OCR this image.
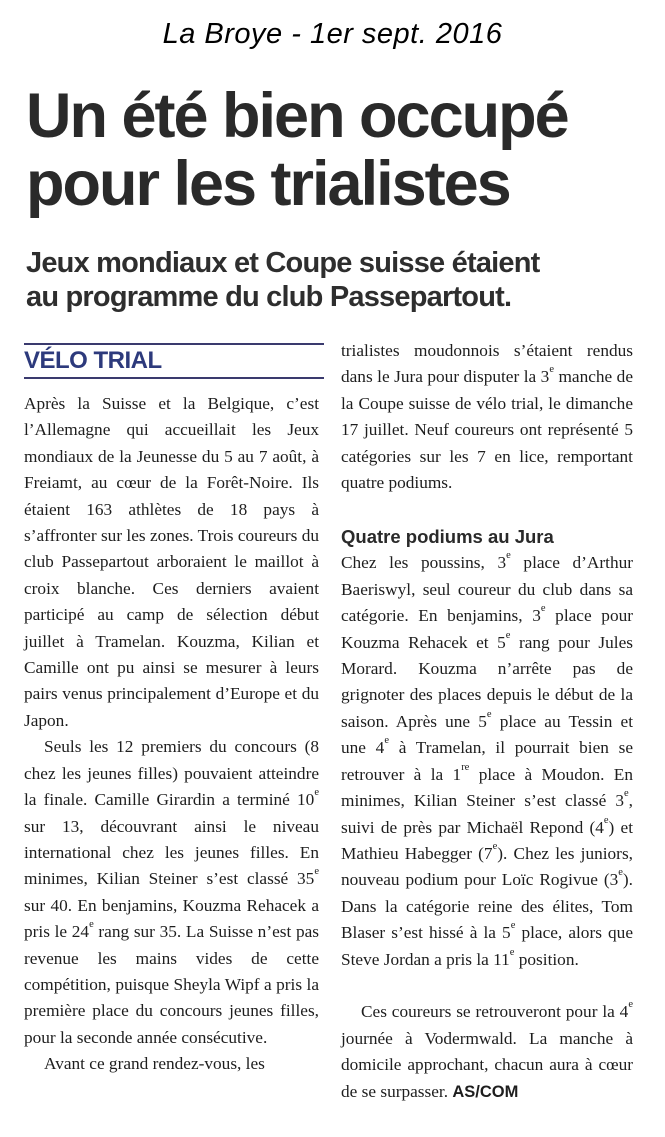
La Broye - 1er sept. 2016
Un été bien occupé
pour les trialistes
Jeux mondiaux et Coupe suisse étaient
au programme du club Passepartout.
VÉLO TRIAL

Après la Suisse et la Belgique, c’est l’Allemagne qui accueillait les Jeux mondiaux de la Jeunesse du 5 au 7 août, à Freiamt, au cœur de la Forêt-Noire. Ils étaient 163 athlètes de 18 pays à s’affronter sur les zones. Trois coureurs du club Passepartout arboraient le maillot à croix blanche. Ces derniers avaient participé au camp de sélection début juillet à Tramelan. Kouzma, Kilian et Camille ont pu ainsi se mesurer à leurs pairs venus principalement d’Europe et du Japon.

Seuls les 12 premiers du concours (8 chez les jeunes filles) pouvaient atteindre la finale. Camille Girardin a terminé 10e sur 13, découvrant ainsi le niveau international chez les jeunes filles. En minimes, Kilian Steiner s’est classé 35e sur 40. En benjamins, Kouzma Rehacek a pris le 24e rang sur 35. La Suisse n’est pas revenue les mains vides de cette compétition, puisque Sheyla Wipf a pris la première place du concours jeunes filles, pour la seconde année consécutive.

Avant ce grand rendez-vous, les

trialistes moudonnois s’étaient rendus dans le Jura pour disputer la 3e manche de la Coupe suisse de vélo trial, le dimanche 17 juillet. Neuf coureurs ont représenté 5 catégories sur les 7 en lice, remportant quatre podiums.

Quatre podiums au Jura

Chez les poussins, 3e place d’Arthur Baeriswyl, seul coureur du club dans sa catégorie. En benjamins, 3e place pour Kouzma Rehacek et 5e rang pour Jules Morard. Kouzma n’arrête pas de grignoter des places depuis le début de la saison. Après une 5e place au Tessin et une 4e à Tramelan, il pourrait bien se retrouver à la 1re place à Moudon. En minimes, Kilian Steiner s’est classé 3e, suivi de près par Michaël Repond (4e) et Mathieu Habegger (7e). Chez les juniors, nouveau podium pour Loïc Rogivue (3e). Dans la catégorie reine des élites, Tom Blaser s’est hissé à la 5e place, alors que Steve Jordan a pris la 11e position.

Ces coureurs se retrouveront pour la 4e journée à Vodermwald. La manche à domicile approchant, chacun aura à cœur de se surpasser. AS/COM
